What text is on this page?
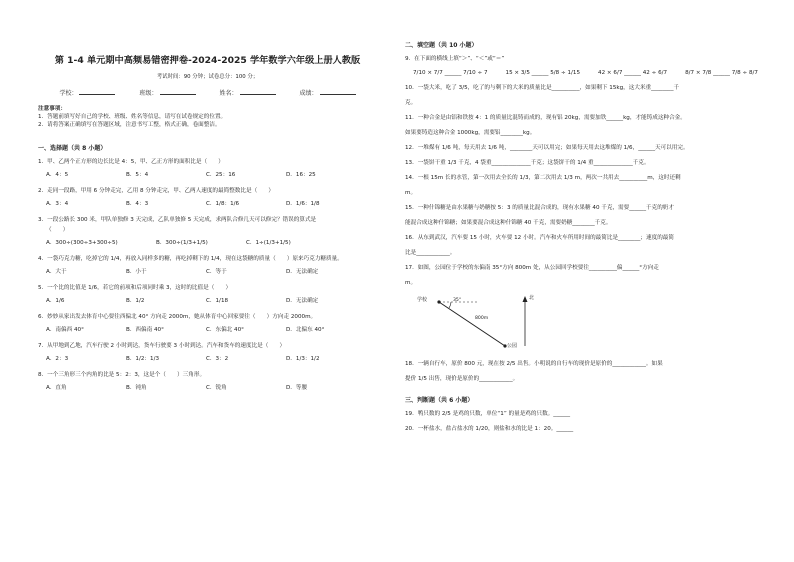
第 1-4 单元期中高频易错密押卷-2024-2025 学年数学六年级上册人教版
考试时间：90 分钟；试卷总分：100 分；
学校：	班级：	姓名：	成绩：
注意事项：
1．答题前填写好自己的学校、班级、姓名等信息，请写在试卷规定的位置。
2．请将答案正确填写在答题区域，注意书写工整，格式正确，卷面整洁。
一、选择题（共 8 小题）
1．甲、乙两个正方形的边长比是 4：5，甲、乙正方形的面积比是（　　）
A．4：5	B．5：4	C．25：16	D．16：25
2．走同一段路，甲用 6 分钟走完，乙用 8 分钟走完，甲、乙两人速度的最简整数比是（　　）
A．3：4	B．4：3	C．1/8：1/6	D．1/6：1/8
3．一段公路长 300 米，甲队单独修 3 天完成，乙队单独修 5 天完成，求两队合修几天可以修完？错误的算式是
（　　）
A．300÷(300÷3+300÷5)	B．300÷(1/3+1/5)	C．1÷(1/3+1/5)
4．一袋巧克力糖，吃掉它的 1/4，再放入同样多的糖，再吃掉剩下的 1/4，现在这袋糖的质量（　　）原来巧克力糖质量。
A．大于	B．小于	C．等于	D．无法确定
5．一个比的比值是 1/6，若它的前项和后项同时乘 3，这时的比值是（　　）
A．1/6	B．1/2	C．1/18	D．无法确定
6．妙妙从家出发去体育中心要往西偏北 40° 方向走 2000m，她从体育中心回家要往（　　）方向走 2000m。
A．南偏西 40°	B．西偏南 40°	C．东偏北 40°	D．北偏东 40°
7．从甲地到乙地，汽车行驶 2 小时到达，货车行驶要 3 小时到达。汽车和货车的速度比是（　　）
A．2：3	B．1/2：1/3	C．3：2	D．1/3：1/2
8．一个三角形三个内角的比是 5：2：3，这是个（　　）三角形。
A．直角	B．钝角	C．锐角	D．等腰
二、填空题（共 10 小题）
9．在下面的横线上填“＞”、“＜”或“＝”
7/10 × 7/7 ______ 7/10 ÷ 7	15 × 3/5 ______ 5/8 ÷ 1/15	42 × 6/7 ______ 42 ÷ 6/7	8/7 × 7/8 ______ 7/8 ÷ 8/7
10．一袋大米，吃了 3/5，吃了的与剩下的大米的质量比是__________，如果剩下 15kg，这大米重________千
克。
11．一种合金是由铝和铁按 4：1 的质量比混铸而成的，现有铝 20kg，需要加铁______kg，才能铸成这种合金。
如果要铸造这种合金 1000kg，需要铝________kg。
12．一堆煤有 1/6 吨，每天用去 1/6 吨，________天可以用完；如果每天用去这堆煤的 1/6，______天可以用完。
13．一袋饼干重 1/3 千克，4 袋重______________千克；这袋饼干的 1/4 重______________千克。
14．一根 15m 长的水管，第一次用去全长的 1/3，第二次用去 1/3 m，两次一共用去__________m，这时还剩
m。
15．一种什锦糖是由水果糖与奶糖按 5：3 的质量比混合成的，现有水果糖 40 千克，需要______千克的奶才
能混合成这种什锦糖；如果要混合成这种什锦糖 40 千克，需要奶糖________千克。
16．从东到武汉，汽车要 15 小时，火车要 12 小时。汽车和火车所用时间的最简比是________；速度的最简
比是____________。
17．如图，公园位于学校的东偏南 35°方向 800m 处，从公园回学校要往__________偏______°方向走
m。
学校
公园
北
35°
800m
18．一辆自行车，原价 800 元，现在按 2/5 出售。小明说的自行车的现价是原价的____________。如果
提价 1/5 出售，现价是原价的____________。
三、判断题（共 6 小题）
19．鸭只数的 2/5 是鸡的只数，单位“1” 的量是鸡的只数。______
20．一杯盐水，盐占盐水的 1/20，则盐和水的比是 1：20。______
